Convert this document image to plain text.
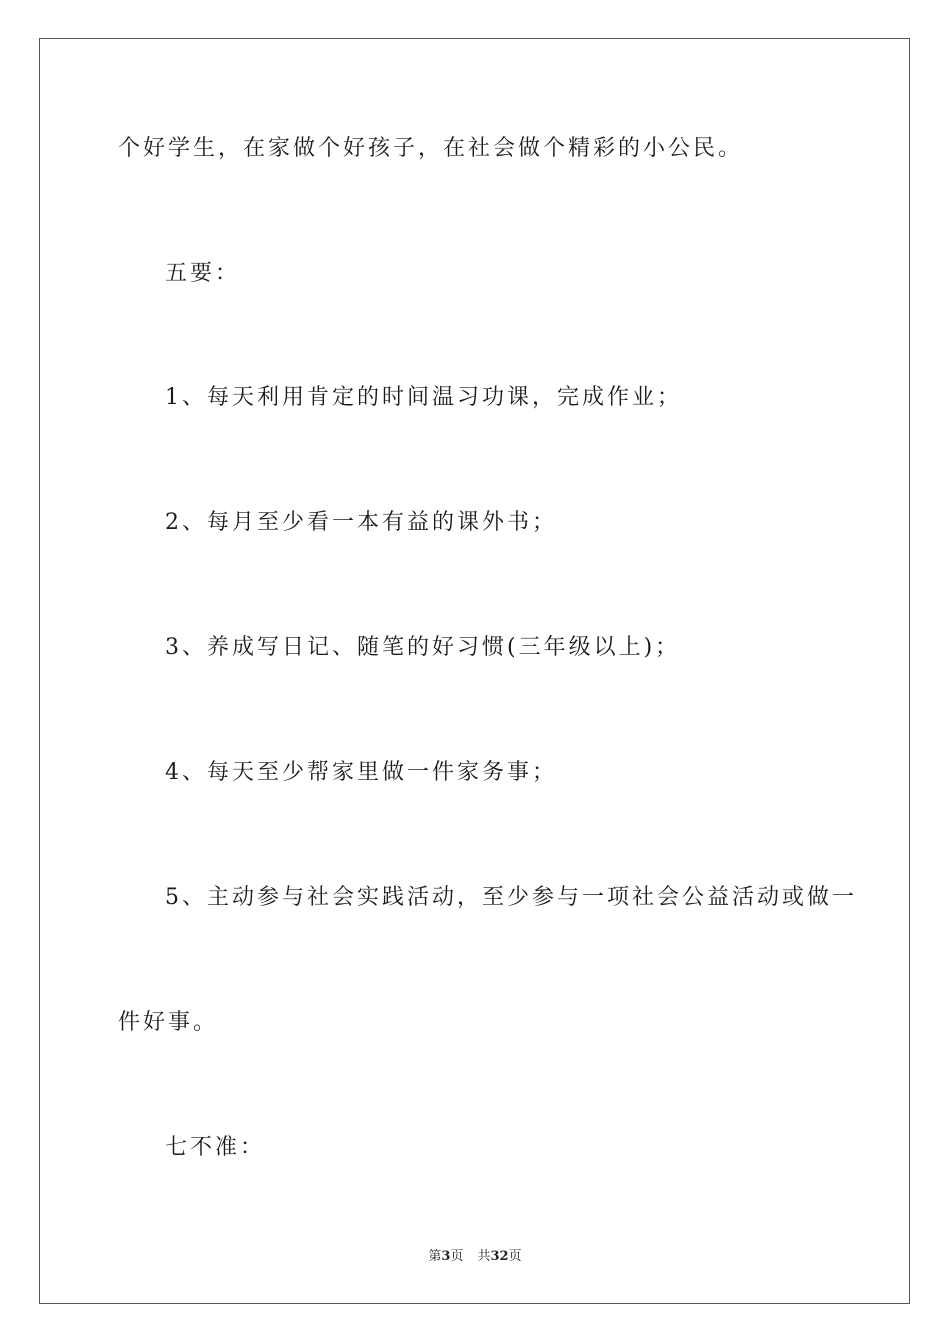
个好学生，在家做个好孩子，在社会做个精彩的小公民。
五要：
1、每天利用肯定的时间温习功课，完成作业；
2、每月至少看一本有益的课外书；
3、养成写日记、随笔的好习惯(三年级以上)；
4、每天至少帮家里做一件家务事；
5、主动参与社会实践活动，至少参与一项社会公益活动或做一
件好事。
七不准：
第3页 共32页
